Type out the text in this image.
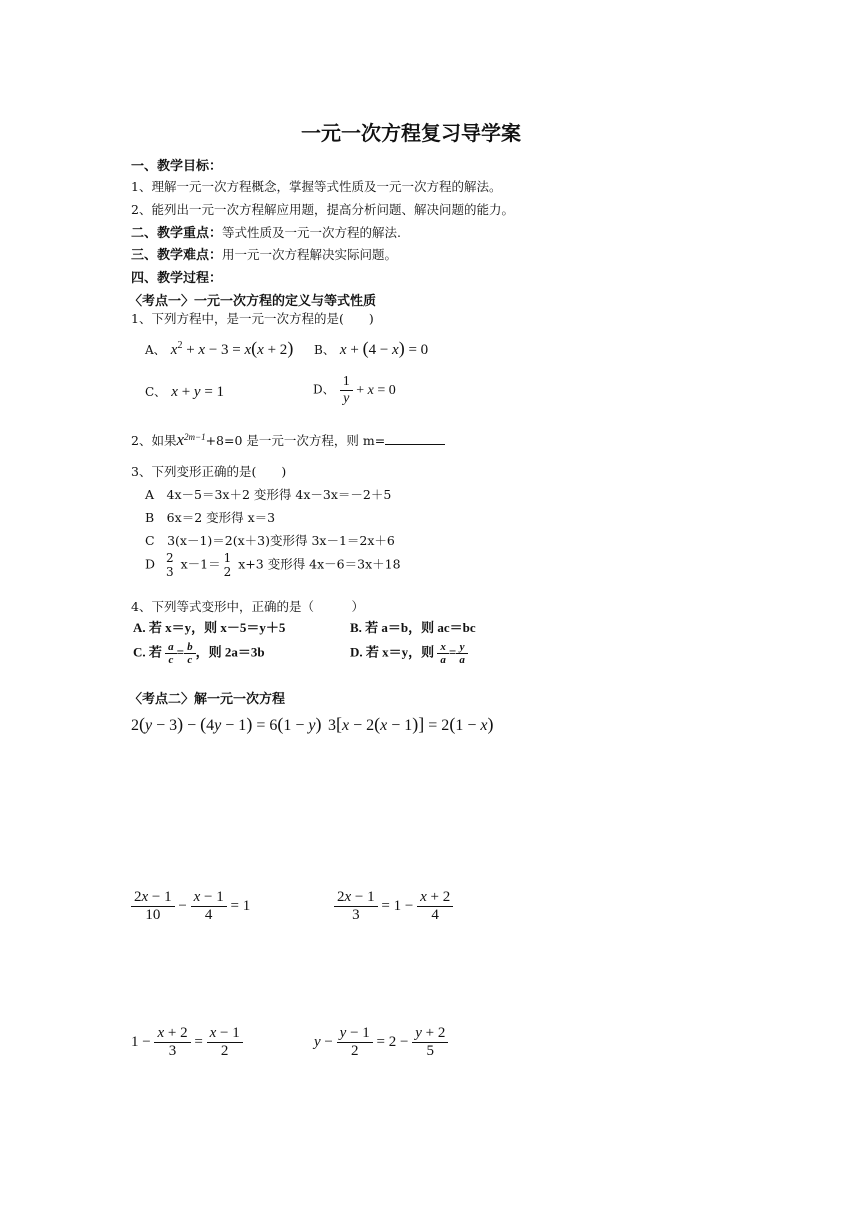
一元一次方程复习导学案
一、教学目标：
1、理解一元一次方程概念，掌握等式性质及一元一次方程的解法。
2、能列出一元一次方程解应用题，提高分析问题、解决问题的能力。
二、教学重点：等式性质及一元一次方程的解法.
三、教学难点：用一元一次方程解决实际问题。
四、教学过程：
〈考点一〉一元一次方程的定义与等式性质
1、下列方程中，是一元一次方程的是(　　)
A、 $x^2 + x - 3 = x(x + 2)$ B、 x + (4 − x) = 0
C、 x + y = 1	D、 $\frac{1}{y} + x = 0$
2、如果$x^{2m-1}+8=0$ 是一元一次方程，则 m=
3、下列变形正确的是(　　)
A　4x－5＝3x＋2 变形得 4x－3x＝－2＋5
B　6x＝2 变形得 x＝3
C　3(x－1)＝2(x＋3)变形得 3x－1＝2x＋6
D 2
3
x－1＝ 1
2
x+3 变形得 4x－6＝3x＋18
4、下列等式变形中，正确的是（　　　）
A. 若 x＝y，则 x－5＝y＋5	B. 若 a＝b，则 ac＝bc
C. 若 $\frac{a}{c} = \frac{b}{c}$ ，则 2a＝3b	D. 若 x＝y，则 $\frac{x}{a} = \frac{y}{a}$
〈考点二〉解一元一次方程
2(y − 3) − (4y − 1) = 6(1 − y) 3[x − 2(x − 1)] = 2(1 − x)
$\frac{2x - 1}{10} - \frac{x - 1}{4} = 1$	$\frac{2x - 1}{3} = 1 - \frac{x + 2}{4}$
$1 - \frac{x + 2}{3} = \frac{x - 1}{2}$	$y - \frac{y - 1}{2} = 2 - \frac{y + 2}{5}$
